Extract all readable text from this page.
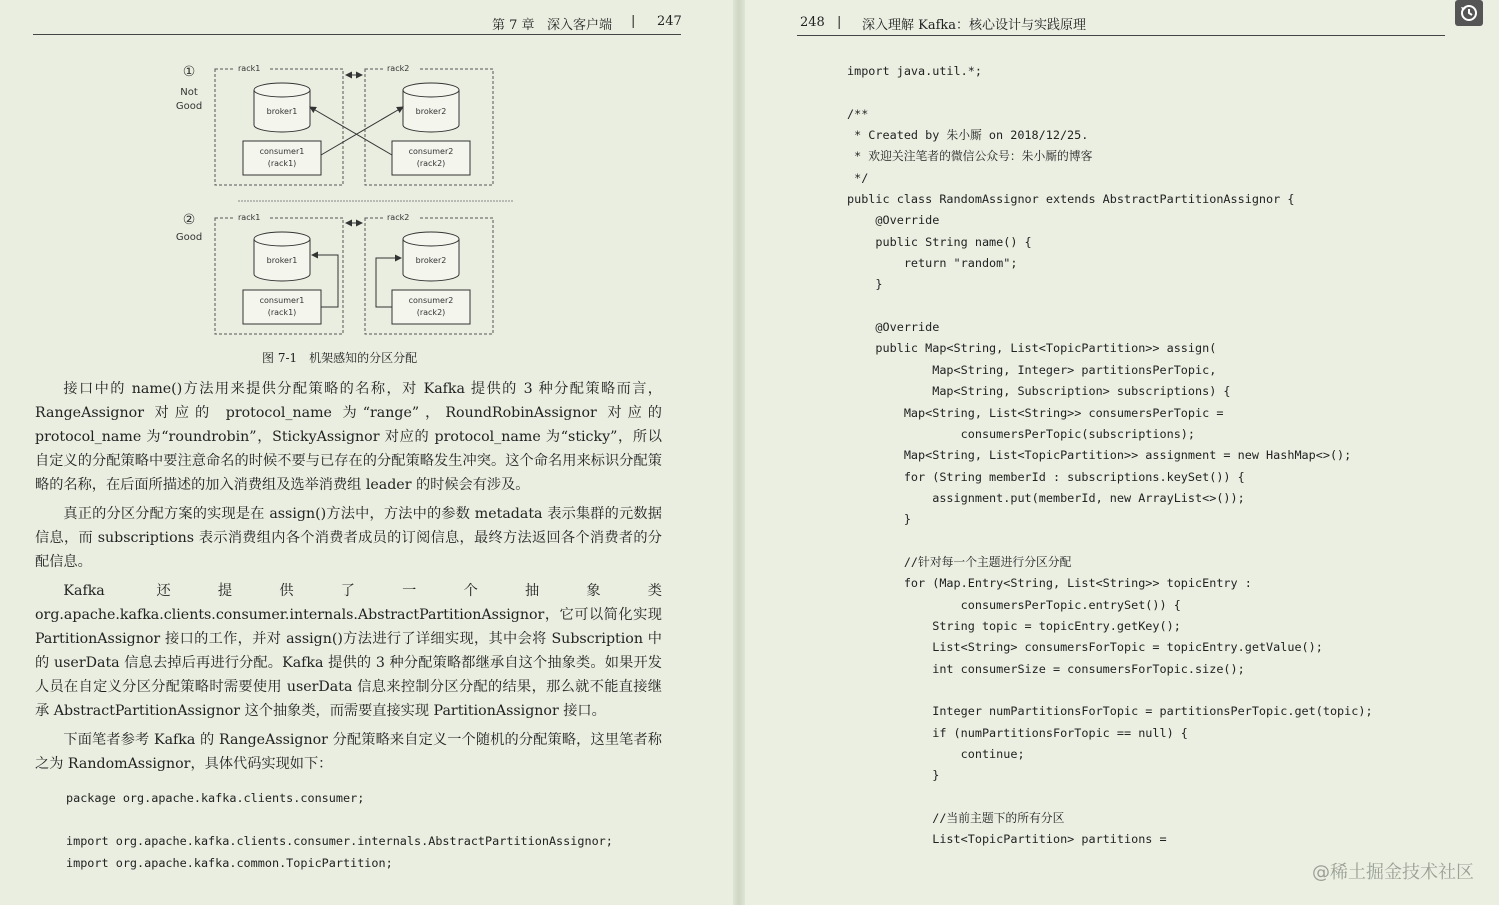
第 7 章 深入客户端 | 247	248 | 深入理解 Kafka：核心设计与实践原理
①
Not
Good
rack1	rack2
broker1	broker2
consumer1
(rack1)
consumer2
(rack2)
②
Good
rack1	rack2
broker1	broker2
consumer1
(rack1)
consumer2
(rack2)
图 7-1　机架感知的分区分配

接口中的 name()方法用来提供分配策略的名称，对 Kafka 提供的 3 种分配策略而言，RangeAssignor 对应的 protocol_name 为“range”，RoundRobinAssignor 对应的 protocol_name 为“roundrobin”，StickyAssignor 对应的 protocol_name 为“sticky”，所以自定义的分配策略中要注意命名的时候不要与已存在的分配策略发生冲突。这个命名用来标识分配策略的名称，在后面所描述的加入消费组及选举消费组 leader 的时候会有涉及。

真正的分区分配方案的实现是在 assign()方法中，方法中的参数 metadata 表示集群的元数据信息，而 subscriptions 表示消费组内各个消费者成员的订阅信息，最终方法返回各个消费者的分配信息。

Kafka 还提供了一个抽象类 org.apache.kafka.clients.consumer.internals.AbstractPartitionAssignor，它可以简化实现 PartitionAssignor 接口的工作，并对 assign()方法进行了详细实现，其中会将 Subscription 中的 userData 信息去掉后再进行分配。Kafka 提供的 3 种分配策略都继承自这个抽象类。如果开发人员在自定义分区分配策略时需要使用 userData 信息来控制分区分配的结果，那么就不能直接继承 AbstractPartitionAssignor 这个抽象类，而需要直接实现 PartitionAssignor 接口。

下面笔者参考 Kafka 的 RangeAssignor 分配策略来自定义一个随机的分配策略，这里笔者称之为 RandomAssignor，具体代码实现如下：

package org.apache.kafka.clients.consumer;
import org.apache.kafka.clients.consumer.internals.AbstractPartitionAssignor;
import org.apache.kafka.common.TopicPartition;
import java.util.*;
/**
* Created by 朱小厮 on 2018/12/25.
* 欢迎关注笔者的微信公众号：朱小厮的博客
*/
public class RandomAssignor extends AbstractPartitionAssignor {
@Override
public String name() {
return "random";
}
@Override
public Map<String, List<TopicPartition>> assign(
Map<String, Integer> partitionsPerTopic,
Map<String, Subscription> subscriptions) {
Map<String, List<String>> consumersPerTopic =
consumersPerTopic(subscriptions);
Map<String, List<TopicPartition>> assignment = new HashMap<>();
for (String memberId : subscriptions.keySet()) {
assignment.put(memberId, new ArrayList<>());
}
//针对每一个主题进行分区分配
for (Map.Entry<String, List<String>> topicEntry :
consumersPerTopic.entrySet()) {
String topic = topicEntry.getKey();
List<String> consumersForTopic = topicEntry.getValue();
int consumerSize = consumersForTopic.size();
Integer numPartitionsForTopic = partitionsPerTopic.get(topic);
if (numPartitionsForTopic == null) {
continue;
}
//当前主题下的所有分区
List<TopicPartition> partitions =
@稀土掘金技术社区
